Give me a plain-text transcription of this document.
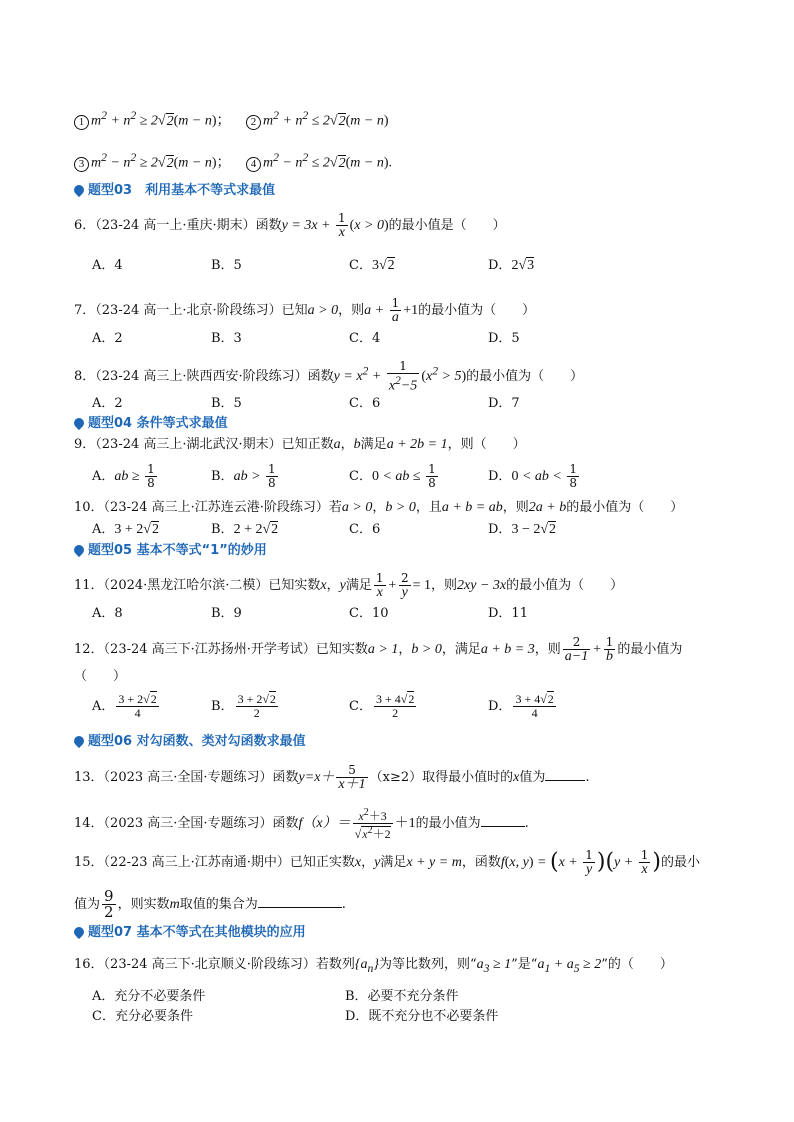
1 $m^2 + n^2 \ge 2√2(m - n)$；	2 $m^2 + n^2 \le 2√2(m - n)$
3 $m^2 - n^2 \ge 2√2(m - n)$；	4 $m^2 - n^2 \le 2√2(m - n)$.
题型03　利用基本不等式求最值
6．（23-24 高一上·重庆·期末）函数$y = 3x + \frac{1}{x} (x > 0)$的最小值是（　　）
A．4	B．5	C．3√2	D．2√3
7．（23-24 高一上·北京·阶段练习）已知a > 0，则$a + \frac{1}{a} +1$的最小值为（　　）
A．2	B．3	C．4	D．5
8．（23-24 高三上·陕西西安·阶段练习）函数$y = x^2 + \frac{1}{x^2-5} (x^2 > 5)$的最小值为（　　）
A．2	B．5	C．6	D．7
题型04 条件等式求最值
9．（23-24 高三上·湖北武汉·期末）已知正数a，b满足a + 2b = 1，则（　　）
A．ab ≥ $\frac{1}{8}$	B．ab > $\frac{1}{8}$	C．0 < ab ≤ $\frac{1}{8}$	D．0 < ab < $\frac{1}{8}$
10．（23-24 高三上·江苏连云港·阶段练习）若a > 0，b > 0，且a + b = ab，则2a + b的最小值为（　　）
A．3 + 2√2	B．2 + 2√2	C．6	D．3 − 2√2
题型05 基本不等式“1”的妙用
11．（2024·黑龙江哈尔滨·二模）已知实数x，y满足 $\frac{1}{x} + \frac{2}{y} = 1$，则2xy − 3x的最小值为（　　）
A．8	B．9	C．10	D．11
12．（23-24 高三下·江苏扬州·开学考试）已知实数a > 1，b > 0，满足a + b = 3，则 $\frac{2}{a-1} + \frac{1}{b}$ 的最小值为
（　　）
A． $\frac{3 + 2√2}{4}$	B． $\frac{3 + 2√2}{2}$	C． $\frac{3 + 4√2}{2}$	D． $\frac{3 + 4√2}{4}$
题型06 对勾函数、类对勾函数求最值
13．（2023 高三·全国·专题练习）函数$y=x+ \frac{5}{x+1} (x\ge 2)$取得最小值时的x值为	.
14．（2023 高三·全国·专题练习）函数$f(x)= \frac{x^2+3}{√x^2+2} +1$的最小值为	.
15．（22-23 高三上·江苏南通·期中）已知正实数x，y满足x + y = m，函数f(x, $y) = (x + \frac{1}{y} )(y + \frac{1}{x}$ )的最小
值为 $\frac{9}{2}$ ，则实数m取值的集合为	.
题型07 基本不等式在其他模块的应用
16．（23-24 高三下·北京顺义·阶段练习）若数列$\{a_n\}$为等比数列，则“$a_3 \ge 1$”是“$a_1 + a_5 \ge 2$”的（　　）
A．充分不必要条件	B．必要不充分条件
C．充分必要条件	D．既不充分也不必要条件
